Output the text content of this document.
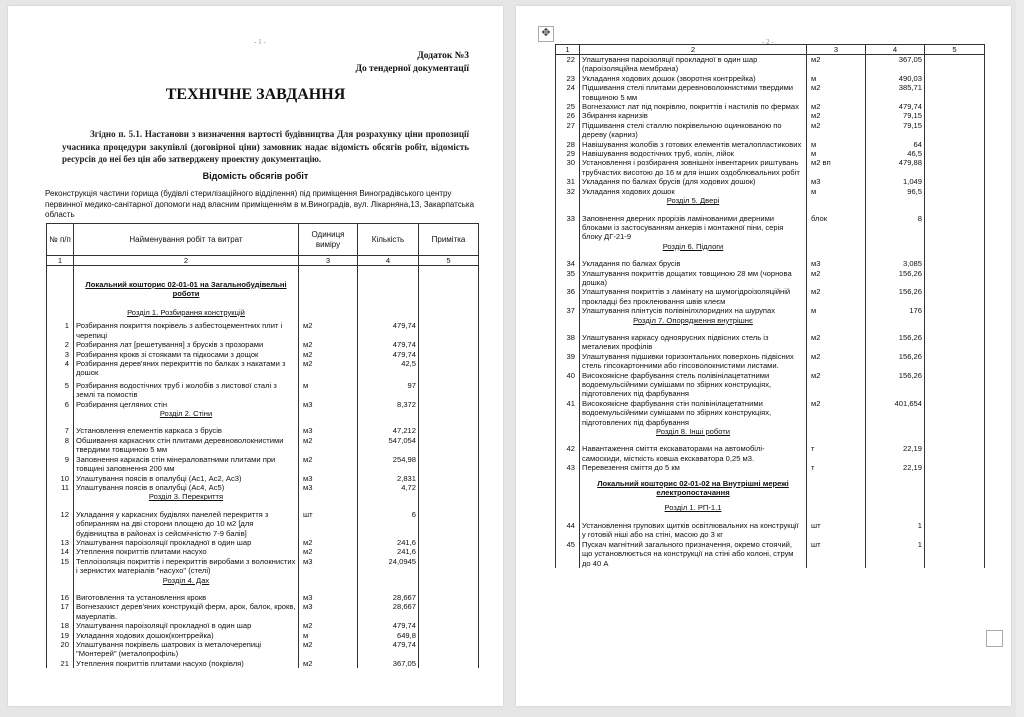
- 1 -
Додаток №3
До тендерної документації
ТЕХНІЧНЕ ЗАВДАННЯ
Згідно п. 5.1. Настанови з визначення вартості будівництва Для розрахунку ціни пропозиції учасника процедури закупівлі (договірної ціни) замовник надає відомість обсягів робіт, відомість ресурсів до неї без цін або затверджену проектну документацію.
Відомість обсягів робіт
Реконструкція частини горища (будівлі стерилізаційного відділення) під приміщення Виноградівського центру первинної медико-санітарної допомоги над власним приміщенням в м.Виноградів, вул. Лікарняна,13, Закарпатська область
№ п/п	Найменування робіт та витрат	Одиниця виміру	Кількість	Примітка
1	2	3	4	5
	Локальний кошторис 02-01-01 на Загальнобудівельні роботи			
	Розділ 1. Розбирання конструкцій			
1	Розбирання покриття покрівель з азбестоцементних плит і черепиці	м2	479,74	
2	Розбирання лат [решетування] з брусків з прозорами	м2	479,74	
3	Розбирання крокв зі стояками та підкосами з дощок	м2	479,74	
4	Розбирання дерев'яних перекриттів по балках з накатами з дошок	м2	42,5	
5	Розбирання водостічних труб і жолобів з листової сталі з землі та помостів	м	97	
6	Розбирання цегляних стін	м3	8,372	
	Розділ 2. Стіни			
7	Установлення елементів каркаса з брусів	м3	47,212	
8	Обшивання каркасних стін плитами деревноволокнистими твердими товщиною 5 мм	м2	547,054	
9	Заповнення каркасів стін мінераловатними плитами при товщині заповнення 200 мм	м2	254,98	
10	Улаштування поясів в опалубці (Ас1, Ас2, Ас3)	м3	2,831	
11	Улаштування поясів в опалубці (Ас4, Ас5)	м3	4,72	
	Розділ 3. Перекриття			
12	Укладання у каркасних будівлях панелей перекриття з обпиранням на дві сторони площею до 10 м2 [для будівництва в районах із сейсмічністю 7-9 балів]	шт	6	
13	Улаштування пароізоляції прокладної в один шар	м2	241,6	
14	Утеплення покриттів плитами насухо	м2	241,6	
15	Теплоізоляція покриттів і перекриттів виробами з волокнистих і зернистих матеріалів "насухо" (стелі)	м3	24,0945	
	Розділ 4. Дах			
16	Виготовлення та установлення крокв	м3	28,667	
17	Вогнезахист дерев'яних конструкцій ферм, арок, балок, крокв, мауерлатів.	м3	28,667	
18	Улаштування пароізоляції прокладної в один шар	м2	479,74	
19	Укладання ходових дошок(контррейка)	м	649,8	
20	Улаштування покрівель шатрових із металочерепиці "Монтерей" (металопрофіль)	м2	479,74	
21	Утеплення покриттів плитами насухо (покрівля)	м2	367,05	
✥
- 2 -
1	2	3	4	5
22	Улаштування пароізоляції прокладної в один шар (пароізоляційна мембрана)	м2	367,05	
23	Укладання ходових дошок (зворотня контррейка)	м	490,03	
24	Підшивання стелі плитами деревноволокнистими твердими товщиною 5 мм	м2	385,71	
25	Вогнезахист лат під покрівлю, покриттів і настилів по фермах	м2	479,74	
26	Збирання карнизів	м2	79,15	
27	Підшивання стелі сталлю покрівельною оцинкованою по дереву (карниз)	м2	79,15	
28	Навішування жолобів з готових елементів металопластикових	м	64	
29	Навішування водостічних труб, колін, лійок	м	46,5	
30	Установлення і розбирання зовнішніх інвентарних риштувань трубчастих висотою до 16 м для інших оздоблювальних робіт	м2 вп	479,88	
31	Укладання по балках брусів (для ходових дошок)	м3	1,049	
32	Укладання ходових дошок	м	96,5	
	Розділ 5. Двері			
33	Заповнення дверних прорізів ламінованими дверними блоками із застосуванням анкерів і монтажної піни, серія блоку ДГ-21-9	блок	8	
	Розділ 6. Підлоги			
34	Укладання по балках брусів	м3	3,085	
35	Улаштування покриттів дощатих товщиною 28 мм (чорнова дошка)	м2	156,26	
36	Улаштування покриттів з ламінату на шумогідроізоляційній прокладці без проклеювання швів клеєм	м2	156,26	
37	Улаштування плінтусів полівінілхлоридних на шурупах	м	176	
	Розділ 7. Опорядження внутрішнє			
38	Улаштування каркасу одноярусних підвісних стель із металевих профілів	м2	156,26	
39	Улаштування підшивки горизонтальних поверхонь підвісних стель гіпсокартонними або гіпсоволокнистими листами.	м2	156,26	
40	Високоякісне фарбування стель полівінілацетатними водоемульсійними сумішами по збірних конструкціях, підготовлених під фарбування	м2	156,26	
41	Високоякісне фарбування стін полівінілацетатними водоемульсійними сумішами по збірних конструкціях, підготовлених під фарбування	м2	401,654	
	Розділ 8. Інші роботи			
42	Навантаження сміття екскаваторами на автомобілі-самоскиди, місткість ковша екскаватора 0,25 м3.	т	22,19	
43	Перевезення сміття до 5 км	т	22,19	
	Локальний кошторис 02-01-02 на Внутрішні мережі електропостачання			
	Розділ 1. РП-1.1			
44	Установлення групових щитків освітлювальних на конструкції у готовій ніші або на стіні, масою до 3 кг	шт	1	
45	Пускач магнітний загального призначення, окремо стоячий, що установлюється на конструкції на стіні або колоні, струм до 40 А	шт	1	
